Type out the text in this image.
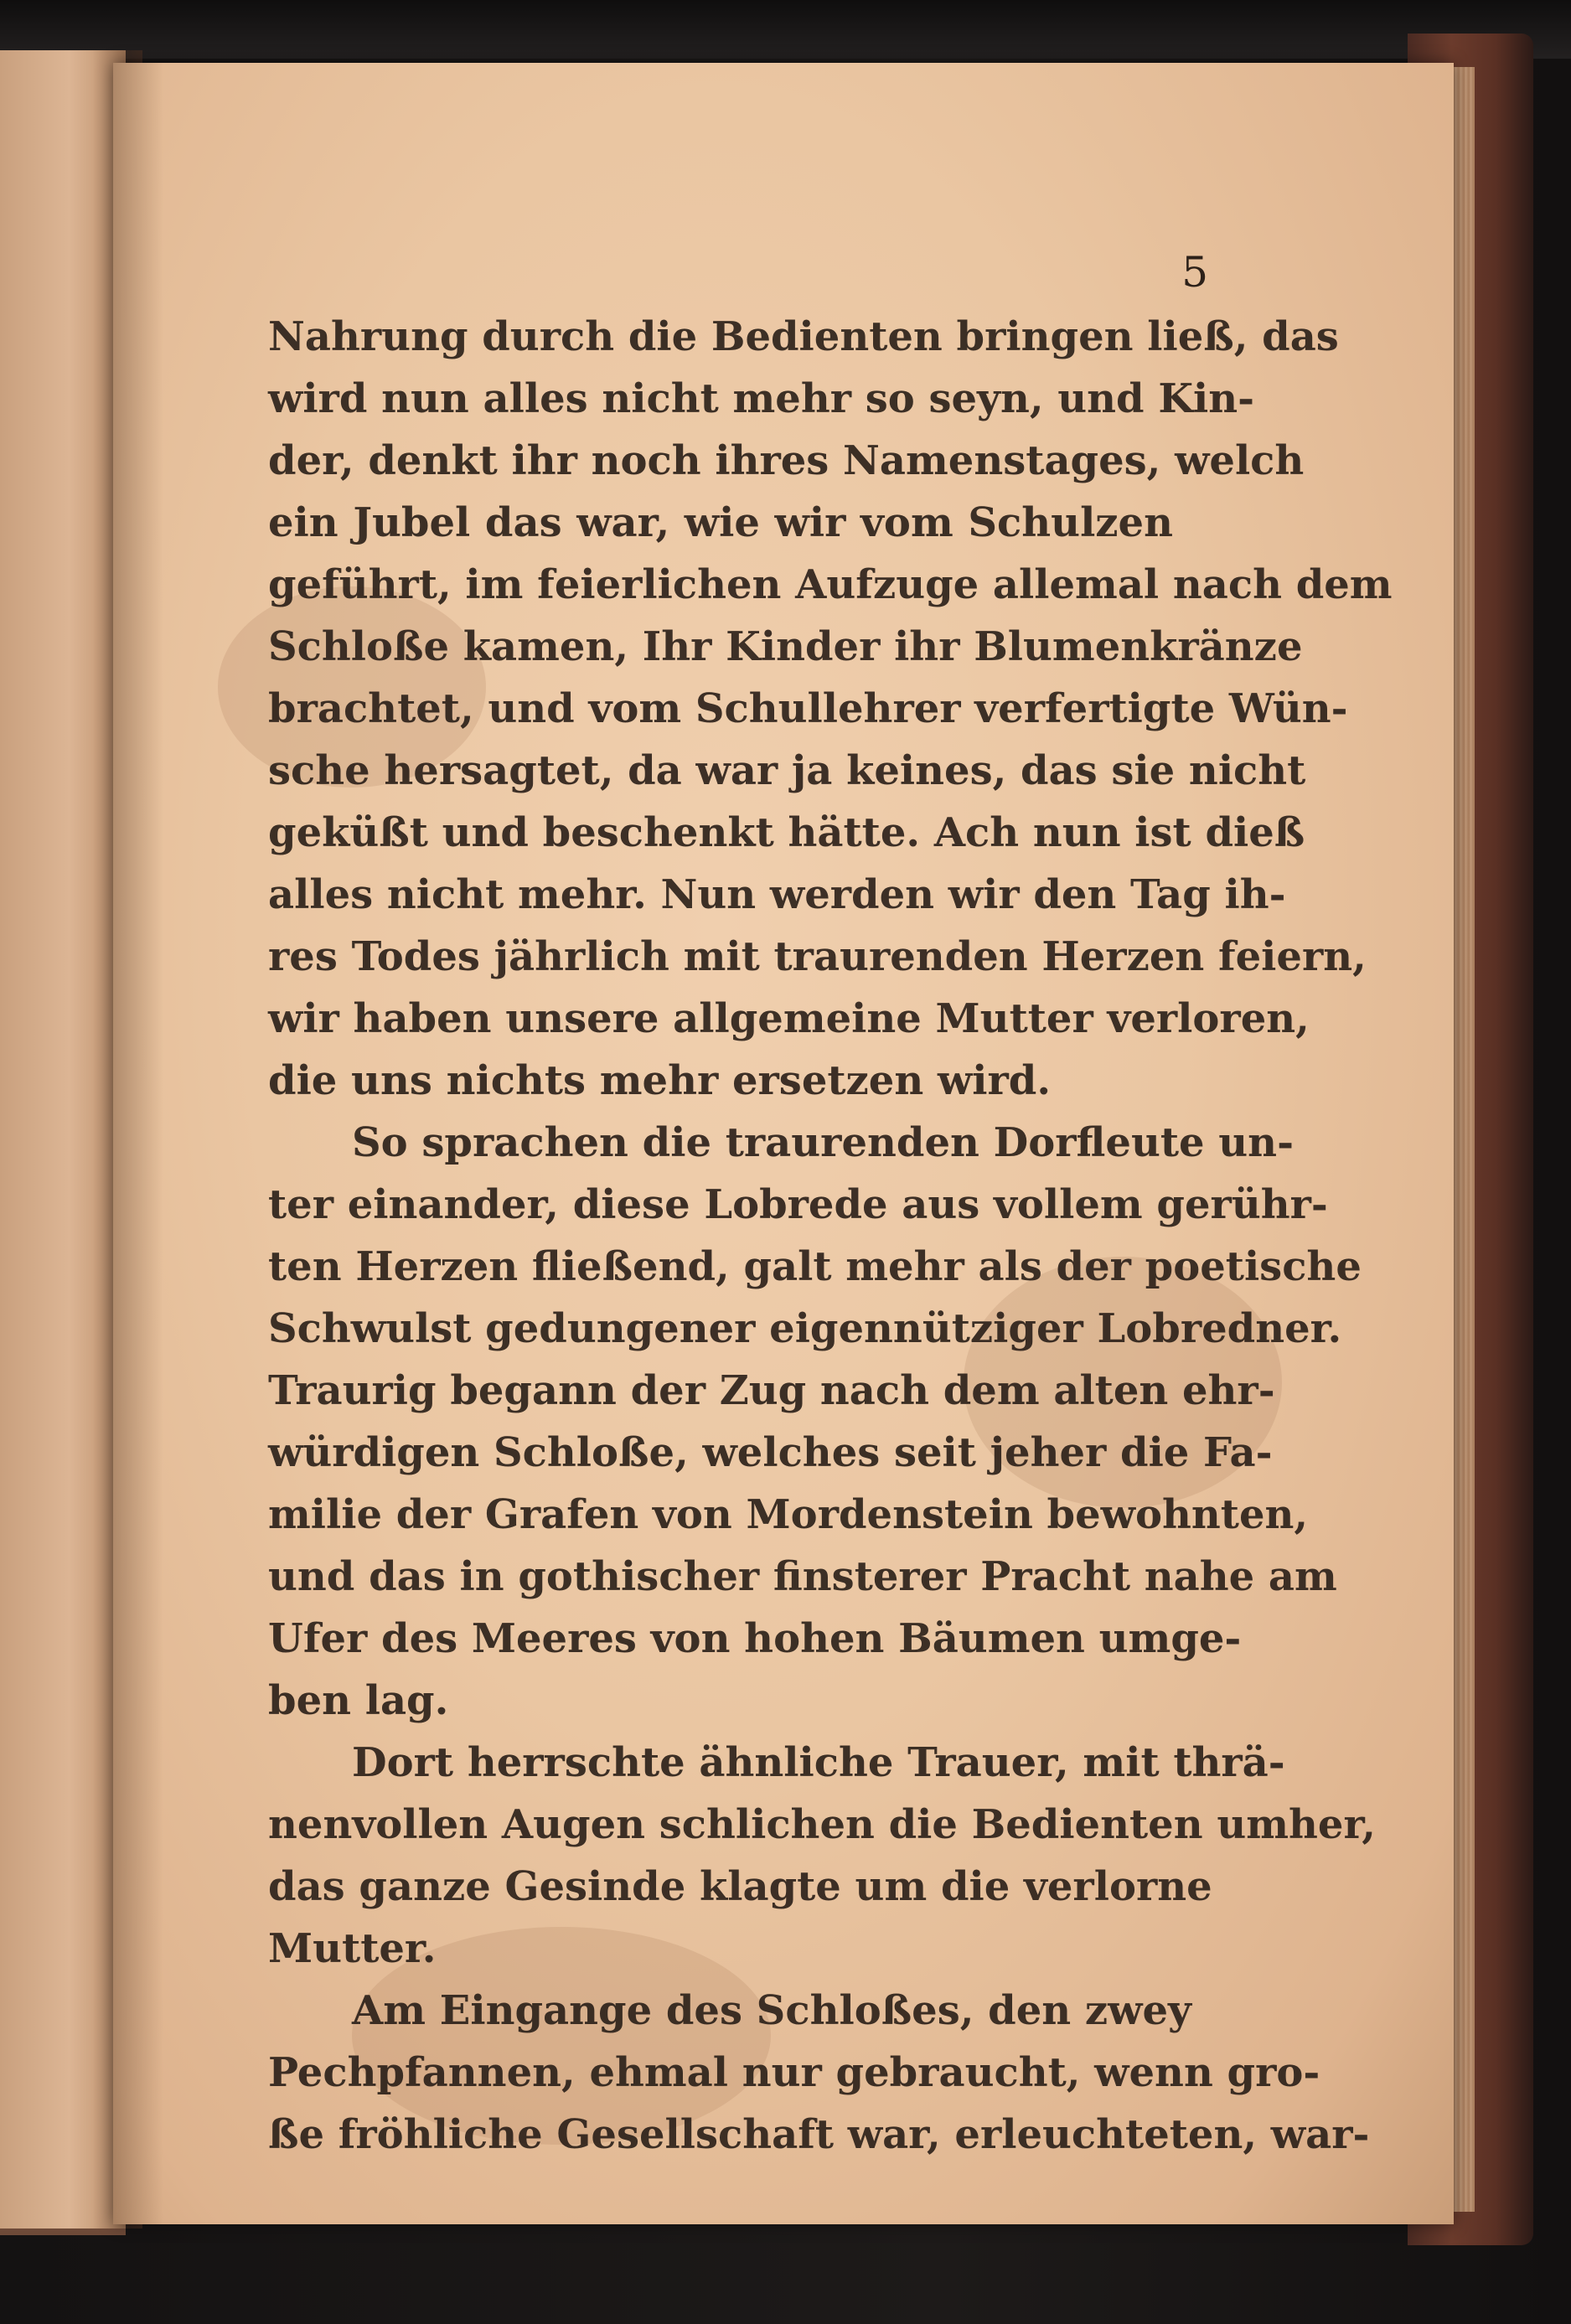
5
Nahrung durch die Bedienten bringen ließ, das
wird nun alles nicht mehr so seyn, und Kin-
der, denkt ihr noch ihres Namenstages, welch
ein Jubel das war, wie wir vom Schulzen
geführt, im feierlichen Aufzuge allemal nach dem
Schloße kamen, Ihr Kinder ihr Blumenkränze
brachtet, und vom Schullehrer verfertigte Wün-
sche hersagtet, da war ja keines, das sie nicht
geküßt und beschenkt hätte. Ach nun ist dieß
alles nicht mehr. Nun werden wir den Tag ih-
res Todes jährlich mit traurenden Herzen feiern,
wir haben unsere allgemeine Mutter verloren,
die uns nichts mehr ersetzen wird.
So sprachen die traurenden Dorfleute un-
ter einander, diese Lobrede aus vollem gerühr-
ten Herzen fließend, galt mehr als der poetische
Schwulst gedungener eigennütziger Lobredner.
Traurig begann der Zug nach dem alten ehr-
würdigen Schloße, welches seit jeher die Fa-
milie der Grafen von Mordenstein bewohnten,
und das in gothischer finsterer Pracht nahe am
Ufer des Meeres von hohen Bäumen umge-
ben lag.
Dort herrschte ähnliche Trauer, mit thrä-
nenvollen Augen schlichen die Bedienten umher,
das ganze Gesinde klagte um die verlorne
Mutter.
Am Eingange des Schloßes, den zwey
Pechpfannen, ehmal nur gebraucht, wenn gro-
ße fröhliche Gesellschaft war, erleuchteten, war-
